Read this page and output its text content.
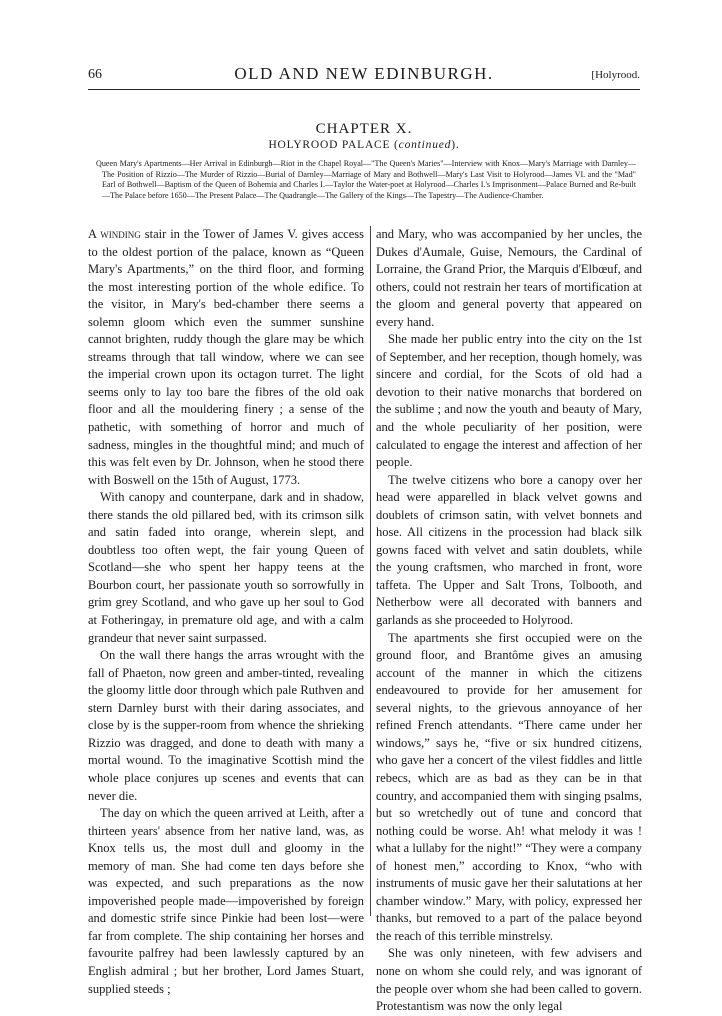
66	OLD AND NEW EDINBURGH.	[Holyrood.
CHAPTER X.
HOLYROOD PALACE (continued).
Queen Mary's Apartments—Her Arrival in Edinburgh—Riot in the Chapel Royal—"The Queen's Maries"—Interview with Knox—Mary's Marriage with Darnley—The Position of Rizzio—The Murder of Rizzio—Burial of Darnley—Marriage of Mary and Bothwell—Mary's Last Visit to Holyrood—James VI. and the "Mad" Earl of Bothwell—Baptism of the Queen of Bohemia and Charles I.—Taylor the Water-poet at Holyrood—Charles I.'s Imprisonment—Palace Burned and Re-built—The Palace before 1650—The Present Palace—The Quadrangle—The Gallery of the Kings—The Tapestry—The Audience-Chamber.

A winding stair in the Tower of James V. gives access to the oldest portion of the palace, known as “Queen Mary's Apartments,” on the third floor, and forming the most interesting portion of the whole edifice. To the visitor, in Mary's bed-chamber there seems a solemn gloom which even the summer sunshine cannot brighten, ruddy though the glare may be which streams through that tall window, where we can see the imperial crown upon its octagon turret. The light seems only to lay too bare the fibres of the old oak floor and all the mouldering finery ; a sense of the pathetic, with something of horror and much of sadness, mingles in the thoughtful mind; and much of this was felt even by Dr. Johnson, when he stood there with Boswell on the 15th of August, 1773.

With canopy and counterpane, dark and in shadow, there stands the old pillared bed, with its crimson silk and satin faded into orange, wherein slept, and doubtless too often wept, the fair young Queen of Scotland—she who spent her happy teens at the Bourbon court, her passionate youth so sorrowfully in grim grey Scotland, and who gave up her soul to God at Fotheringay, in premature old age, and with a calm grandeur that never saint surpassed.

On the wall there hangs the arras wrought with the fall of Phaeton, now green and amber-tinted, revealing the gloomy little door through which pale Ruthven and stern Darnley burst with their daring associates, and close by is the supper-room from whence the shrieking Rizzio was dragged, and done to death with many a mortal wound. To the imaginative Scottish mind the whole place conjures up scenes and events that can never die.

The day on which the queen arrived at Leith, after a thirteen years' absence from her native land, was, as Knox tells us, the most dull and gloomy in the memory of man. She had come ten days before she was expected, and such preparations as the now impoverished people made—impoverished by foreign and domestic strife since Pinkie had been lost—were far from complete. The ship containing her horses and favourite palfrey had been lawlessly captured by an English admiral ; but her brother, Lord James Stuart, supplied steeds ;

and Mary, who was accompanied by her uncles, the Dukes d'Aumale, Guise, Nemours, the Cardinal of Lorraine, the Grand Prior, the Marquis d'Elbœuf, and others, could not restrain her tears of mortification at the gloom and general poverty that appeared on every hand.

She made her public entry into the city on the 1st of September, and her reception, though homely, was sincere and cordial, for the Scots of old had a devotion to their native monarchs that bordered on the sublime ; and now the youth and beauty of Mary, and the whole peculiarity of her position, were calculated to engage the interest and affection of her people.

The twelve citizens who bore a canopy over her head were apparelled in black velvet gowns and doublets of crimson satin, with velvet bonnets and hose. All citizens in the procession had black silk gowns faced with velvet and satin doublets, while the young craftsmen, who marched in front, wore taffeta. The Upper and Salt Trons, Tolbooth, and Netherbow were all decorated with banners and garlands as she proceeded to Holyrood.

The apartments she first occupied were on the ground floor, and Brantôme gives an amusing account of the manner in which the citizens endeavoured to provide for her amusement for several nights, to the grievous annoyance of her refined French attendants. “There came under her windows,” says he, “five or six hundred citizens, who gave her a concert of the vilest fiddles and little rebecs, which are as bad as they can be in that country, and accompanied them with singing psalms, but so wretchedly out of tune and concord that nothing could be worse. Ah! what melody it was ! what a lullaby for the night!” “They were a company of honest men,” according to Knox, “who with instruments of music gave her their salutations at her chamber window.” Mary, with policy, expressed her thanks, but removed to a part of the palace beyond the reach of this terrible minstrelsy.

She was only nineteen, with few advisers and none on whom she could rely, and was ignorant of the people over whom she had been called to govern. Protestantism was now the only legal
